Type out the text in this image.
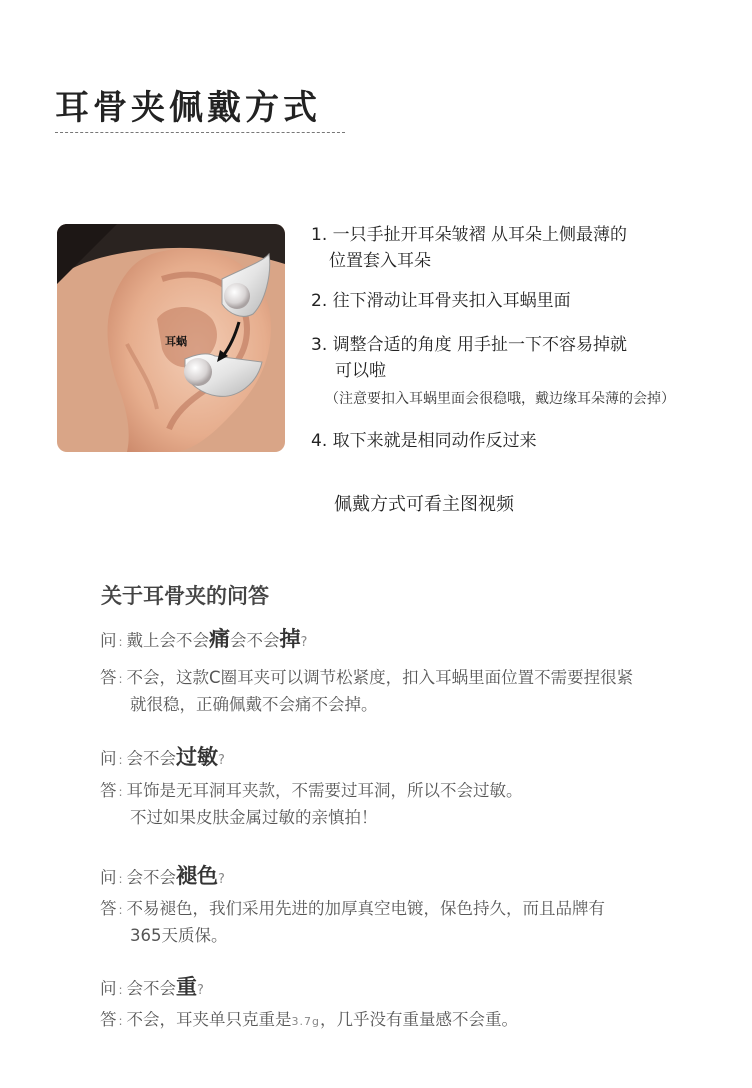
耳骨夹佩戴方式
耳蜗
1. 一只手扯开耳朵皱褶 从耳朵上侧最薄的
位置套入耳朵
2. 往下滑动让耳骨夹扣入耳蜗里面
3. 调整合适的角度 用手扯一下不容易掉就
可以啦
（注意要扣入耳蜗里面会很稳哦，戴边缘耳朵薄的会掉）
4. 取下来就是相同动作反过来
佩戴方式可看主图视频
关于耳骨夹的问答
问 : 戴上会不会痛会不会掉?
答 : 不会，这款C圈耳夹可以调节松紧度，扣入耳蜗里面位置不需要捏很紧
就很稳，正确佩戴不会痛不会掉。
问 : 会不会过敏?
答 : 耳饰是无耳洞耳夹款，不需要过耳洞，所以不会过敏。
不过如果皮肤金属过敏的亲慎拍！
问 : 会不会褪色?
答 : 不易褪色，我们采用先进的加厚真空电镀，保色持久，而且品牌有
365天质保。
问 : 会不会重?
答 : 不会，耳夹单只克重是3.7g，几乎没有重量感不会重。
